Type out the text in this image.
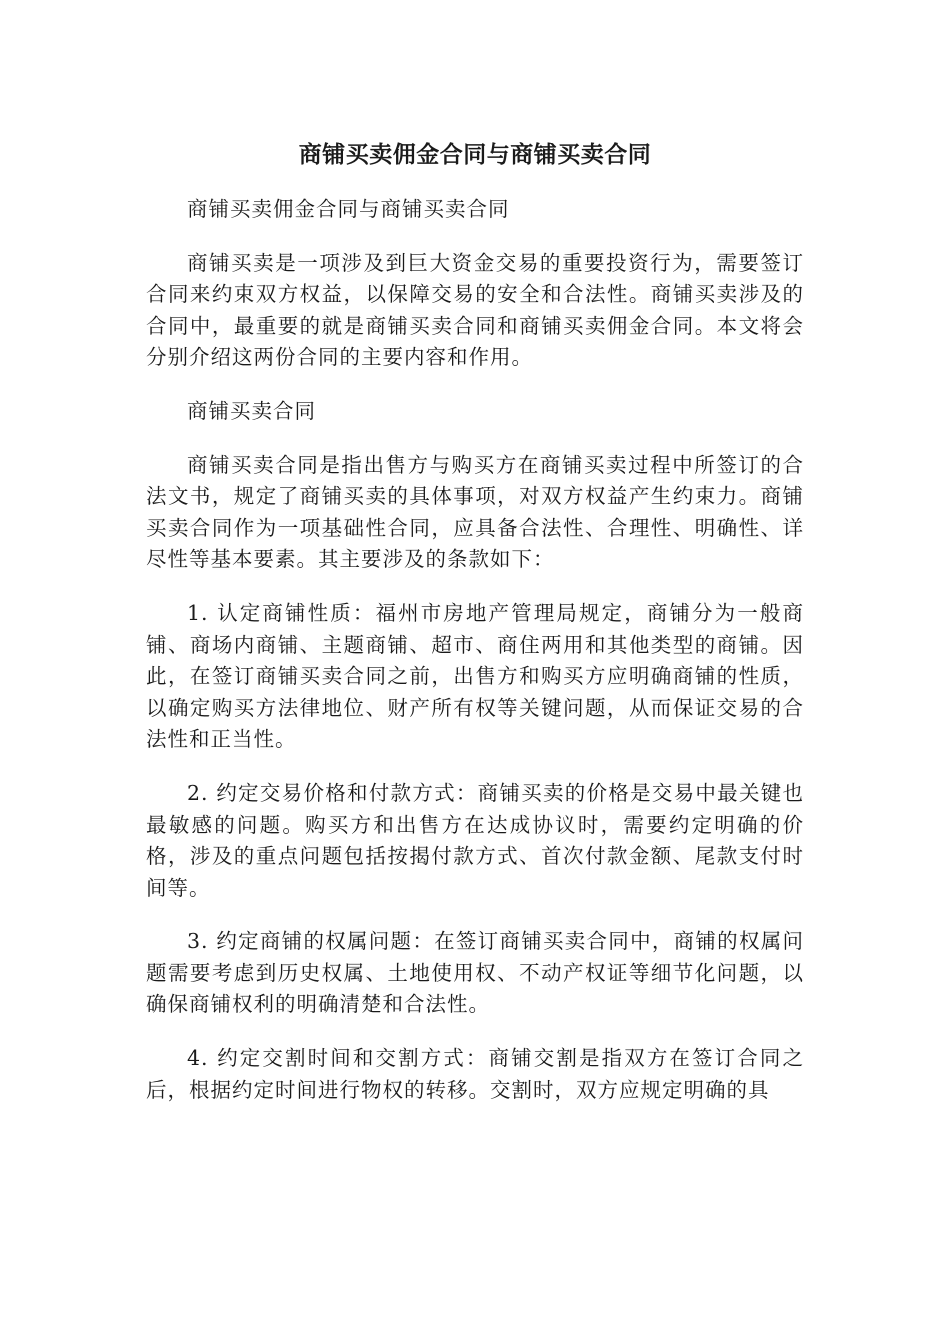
商铺买卖佣金合同与商铺买卖合同

商铺买卖佣金合同与商铺买卖合同

商铺买卖是一项涉及到巨大资金交易的重要投资行为，需要签订合同来约束双方权益，以保障交易的安全和合法性。商铺买卖涉及的合同中，最重要的就是商铺买卖合同和商铺买卖佣金合同。本文将会分别介绍这两份合同的主要内容和作用。

商铺买卖合同

商铺买卖合同是指出售方与购买方在商铺买卖过程中所签订的合法文书，规定了商铺买卖的具体事项，对双方权益产生约束力。商铺买卖合同作为一项基础性合同，应具备合法性、合理性、明确性、详尽性等基本要素。其主要涉及的条款如下：

1. 认定商铺性质：福州市房地产管理局规定，商铺分为一般商铺、商场内商铺、主题商铺、超市、商住两用和其他类型的商铺。因此，在签订商铺买卖合同之前，出售方和购买方应明确商铺的性质，以确定购买方法律地位、财产所有权等关键问题，从而保证交易的合法性和正当性。

2. 约定交易价格和付款方式：商铺买卖的价格是交易中最关键也最敏感的问题。购买方和出售方在达成协议时，需要约定明确的价格，涉及的重点问题包括按揭付款方式、首次付款金额、尾款支付时间等。

3. 约定商铺的权属问题：在签订商铺买卖合同中，商铺的权属问题需要考虑到历史权属、土地使用权、不动产权证等细节化问题，以确保商铺权利的明确清楚和合法性。

4. 约定交割时间和交割方式：商铺交割是指双方在签订合同之后，根据约定时间进行物权的转移。交割时，双方应规定明确的具
